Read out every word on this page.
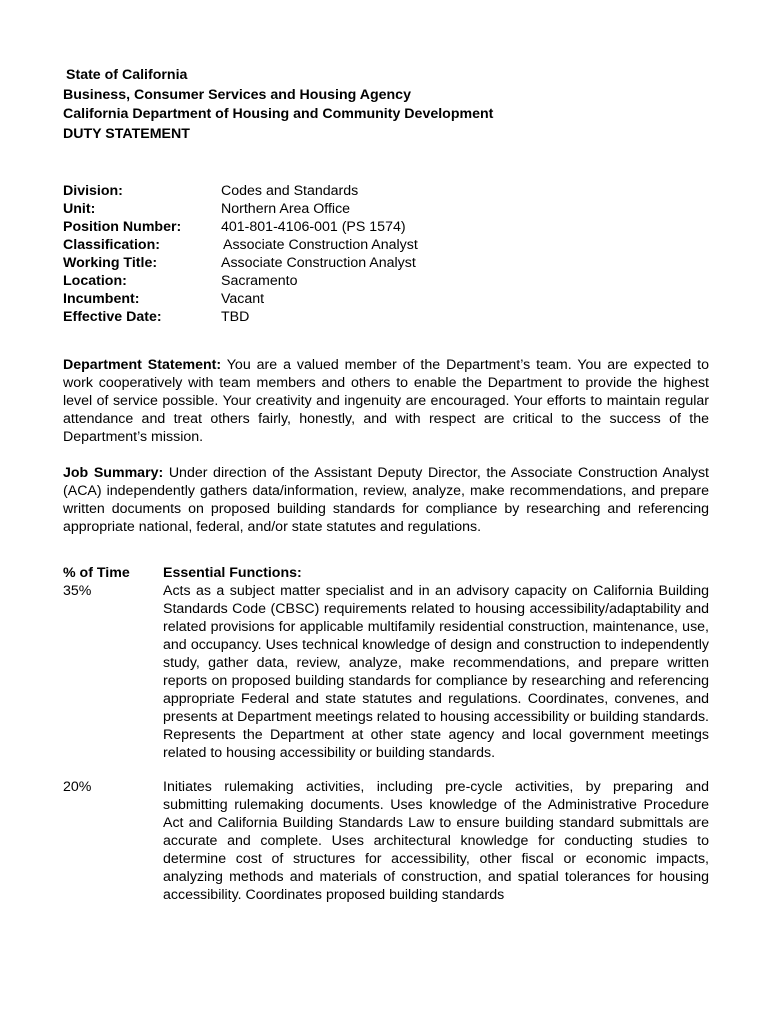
State of California
Business, Consumer Services and Housing Agency
California Department of Housing and Community Development
DUTY STATEMENT
Division:	Codes and Standards
Unit:	Northern Area Office
Position Number:	401-801-4106-001 (PS 1574)
Classification:	Associate Construction Analyst
Working Title:	Associate Construction Analyst
Location:	Sacramento
Incumbent:	Vacant
Effective Date:	TBD

Department Statement: You are a valued member of the Department’s team. You are expected to work cooperatively with team members and others to enable the Department to provide the highest level of service possible. Your creativity and ingenuity are encouraged. Your efforts to maintain regular attendance and treat others fairly, honestly, and with respect are critical to the success of the Department’s mission.

Job Summary: Under direction of the Assistant Deputy Director, the Associate Construction Analyst (ACA) independently gathers data/information, review, analyze, make recommendations, and prepare written documents on proposed building standards for compliance by researching and referencing appropriate national, federal, and/or state statutes and regulations.

% of Time	Essential Functions:
35%	Acts as a subject matter specialist and in an advisory capacity on California Building Standards Code (CBSC) requirements related to housing accessibility/adaptability and related provisions for applicable multifamily residential construction, maintenance, use, and occupancy. Uses technical knowledge of design and construction to independently study, gather data, review, analyze, make recommendations, and prepare written reports on proposed building standards for compliance by researching and referencing appropriate Federal and state statutes and regulations. Coordinates, convenes, and presents at Department meetings related to housing accessibility or building standards. Represents the Department at other state agency and local government meetings related to housing accessibility or building standards.
20%	Initiates rulemaking activities, including pre-cycle activities, by preparing and submitting rulemaking documents. Uses knowledge of the Administrative Procedure Act and California Building Standards Law to ensure building standard submittals are accurate and complete. Uses architectural knowledge for conducting studies to determine cost of structures for accessibility, other fiscal or economic impacts, analyzing methods and materials of construction, and spatial tolerances for housing accessibility. Coordinates proposed building standards
